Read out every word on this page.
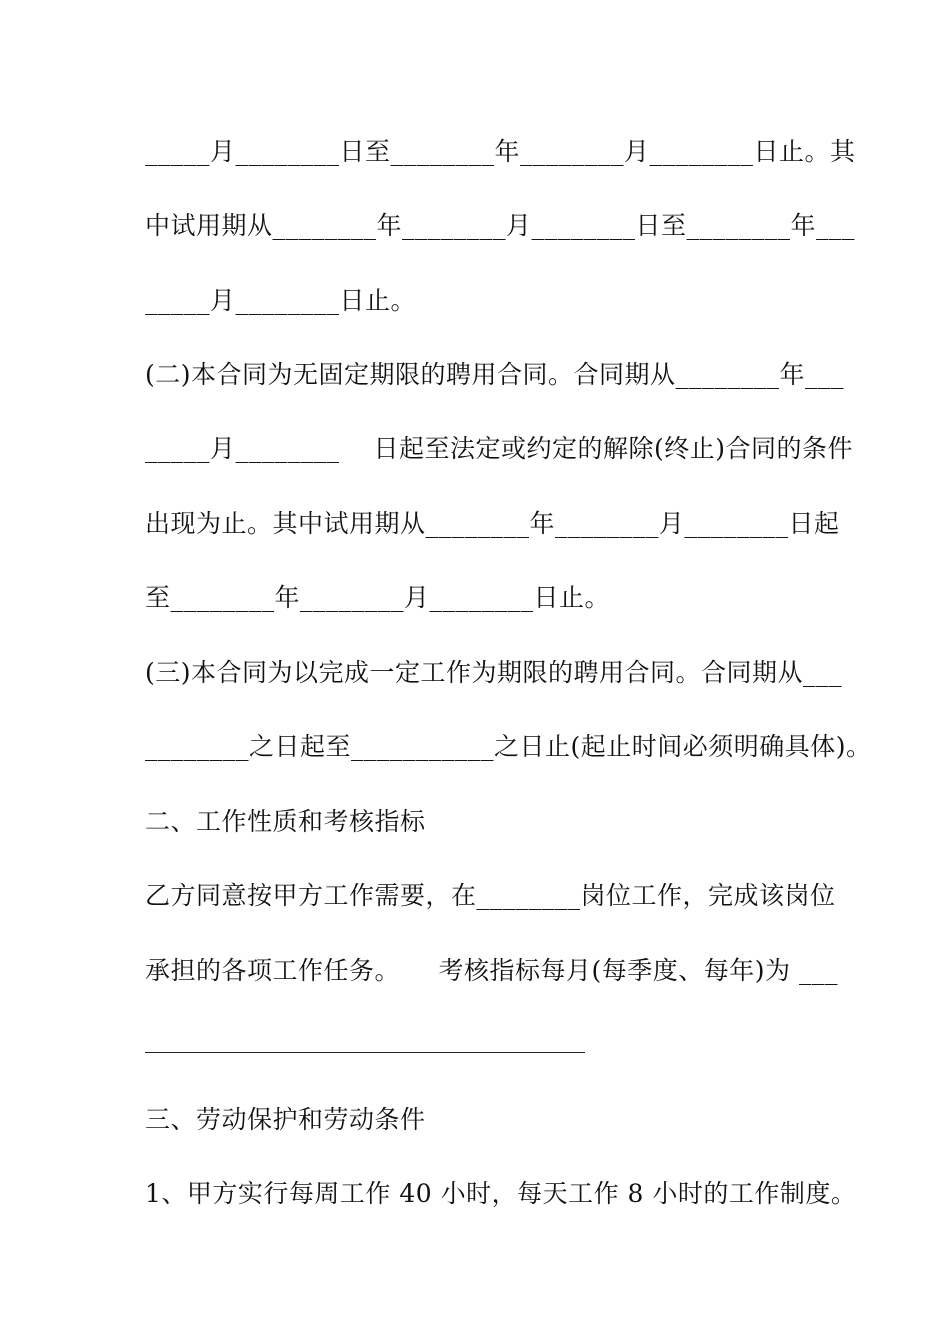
_____月________日至________年________月________日止。其
中试用期从________年________月________日至________年___
_____月________日止。
(二)本合同为无固定期限的聘用合同。合同期从________年___
_____月________　 日起至法定或约定的解除(终止)合同的条件
出现为止。其中试用期从________年________月________日起
至________年________月________日止。
(三)本合同为以完成一定工作为期限的聘用合同。合同期从___
________之日起至___________之日止(起止时间必须明确具体)。
二、工作性质和考核指标
乙方同意按甲方工作需要，在________岗位工作，完成该岗位
承担的各项工作任务。　　考核指标每月(每季度、每年)为 ___
三、劳动保护和劳动条件
1、甲方实行每周工作 40 小时，每天工作 8 小时的工作制度。
